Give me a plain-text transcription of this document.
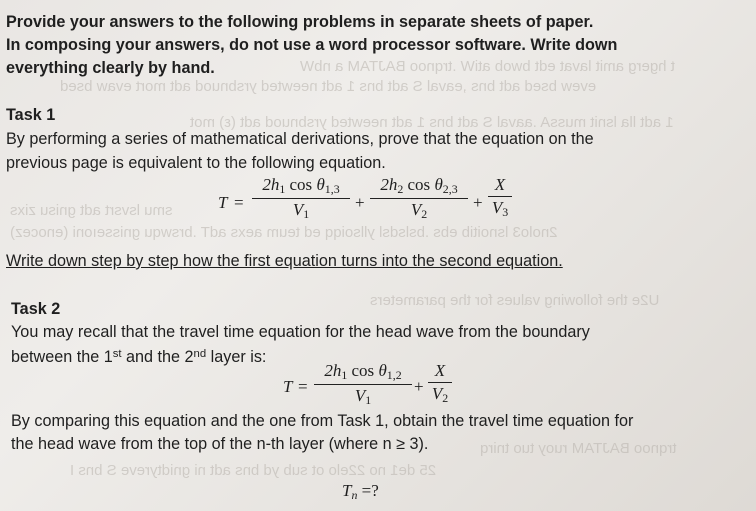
t hgerg amit lavat edt bwob atiW .trqnoo BAJTAM a nbW
evew bsed adt bns ,eaval S adt bns 1 adt neewted yrsbnuod adt mort evaw bsed
1 adt lla lsnit mussA .aaval S adt bns 1 adt neewted yrsbnuod adt (ε) mot
smu lsvsrt adt gnisu zixs
2nolo3 lsnoitib ebs .bslsdsl yllsoiqq ed teum aexs adT .brswqu gnisseıoni (enocez)
U2e the following values for the parameters
trqnoo BAJTAM ruoy tuo tnirq
25 de1 no 22elo ot sub yd bns adt ni gnidtyreve S bns I

Provide your answers to the following problems in separate sheets of paper.

In composing your answers, do not use a word processor software. Write down

everything clearly by hand.

Task 1

By performing a series of mathematical derivations, prove that the equation on the

previous page is equivalent to the following equation.

T =
$2h_1$ $\cos \theta_{1,3}$
$V_1$
+
$2h_2$ $\cos \theta_{2,3}$
$V_2$
+
X
$V_3$

Write down step by step how the first equation turns into the second equation.

Task 2

You may recall that the travel time equation for the head wave from the boundary

between the 1st and the 2nd layer is:

T =
$2h_1$ $\cos \theta_{1,2}$
$V_1$
+
X
$V_2$

By comparing this equation and the one from Task 1, obtain the travel time equation for

the head wave from the top of the n-th layer (where n ≥ 3).

$T_n$ =?
